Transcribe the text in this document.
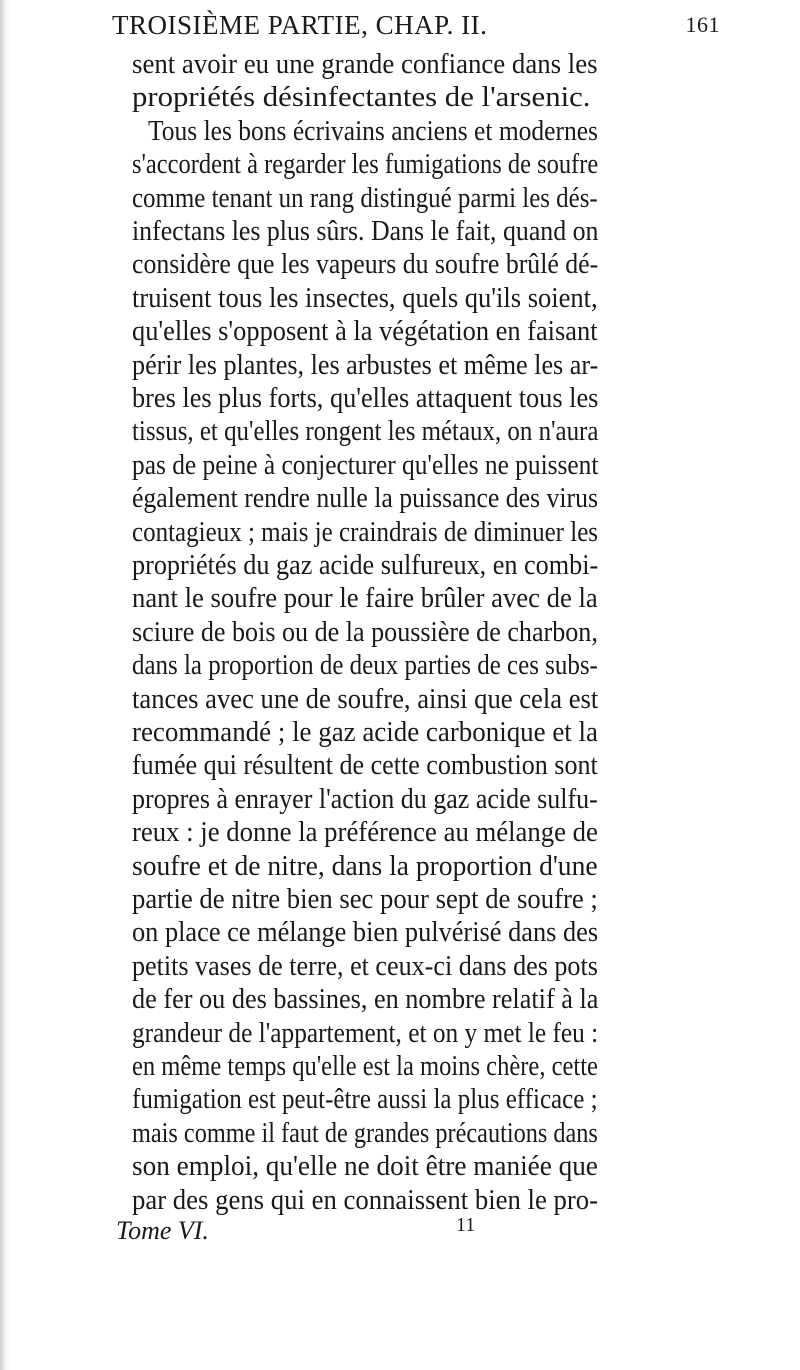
TROISIÈME PARTIE, CHAP. II.	161
sent avoir eu une grande confiance dans les
propriétés désinfectantes de l'arsenic.
Tous les bons écrivains anciens et modernes
s'accordent à regarder les fumigations de soufre
comme tenant un rang distingué parmi les dés-
infectans les plus sûrs. Dans le fait, quand on
considère que les vapeurs du soufre brûlé dé-
truisent tous les insectes, quels qu'ils soient,
qu'elles s'opposent à la végétation en faisant
périr les plantes, les arbustes et même les ar-
bres les plus forts, qu'elles attaquent tous les
tissus, et qu'elles rongent les métaux, on n'aura
pas de peine à conjecturer qu'elles ne puissent
également rendre nulle la puissance des virus
contagieux ; mais je craindrais de diminuer les
propriétés du gaz acide sulfureux, en combi-
nant le soufre pour le faire brûler avec de la
sciure de bois ou de la poussière de charbon,
dans la proportion de deux parties de ces subs-
tances avec une de soufre, ainsi que cela est
recommandé ; le gaz acide carbonique et la
fumée qui résultent de cette combustion sont
propres à enrayer l'action du gaz acide sulfu-
reux : je donne la préférence au mélange de
soufre et de nitre, dans la proportion d'une
partie de nitre bien sec pour sept de soufre ;
on place ce mélange bien pulvérisé dans des
petits vases de terre, et ceux-ci dans des pots
de fer ou des bassines, en nombre relatif à la
grandeur de l'appartement, et on y met le feu :
en même temps qu'elle est la moins chère, cette
fumigation est peut-être aussi la plus efficace ;
mais comme il faut de grandes précautions dans
son emploi, qu'elle ne doit être maniée que
par des gens qui en connaissent bien le pro-
Tome VI.	11
